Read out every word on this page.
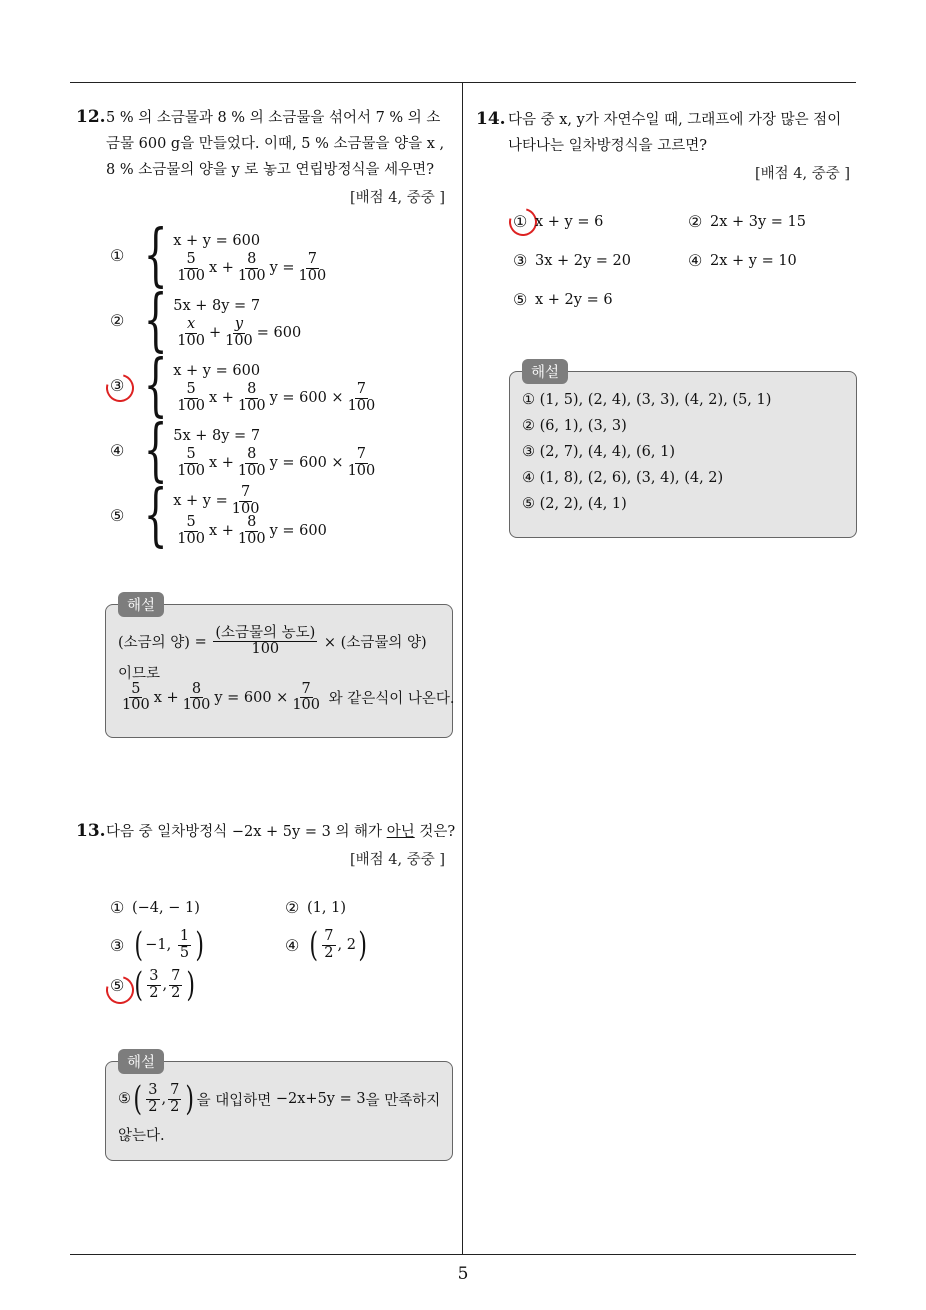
5
12. 5 % 의 소금물과 8 % 의 소금물을 섞어서 7 % 의 소
금물 600 g을 만들었다. 이때, 5 % 소금물을 양을 x ,
8 % 소금물의 양을 y 로 놓고 연립방정식을 세우면?
[배점 4, 중중 ]
① { x + y = 600
$\frac{5}{100}$ $x + \frac{8}{100}$ $y = \frac{7}{100}$
② { 5x + 8y = 7
$\frac{x}{100} + \frac{y}{100} = 600$
③ { x + y = 600
$\frac{5}{100}$ $x + \frac{8}{100}$ $y = 600 \times \frac{7}{100}$
④ { 5x + 8y = 7
$\frac{5}{100}$ $x + \frac{8}{100}$ $y = 600 \times \frac{7}{100}$
⑤ { $x + y = \frac{7}{100}$
$\frac{5}{100}$ $x + \frac{8}{100}$ y = 600
해설
(소금의 양)
=
$\frac{\text{(소금물의 농도)}}{100}$
× (소금물의 양)
이므로
$\frac{5}{100}$ $x + \frac{8}{100}$ $y = 600 \times \frac{7}{100}$
와 같은식이 나온다.
13. 다음 중 일차방정식 −2x + 5y = 3 의 해가 아닌 것은?
[배점 4, 중중 ]
① (−4, − 1)	② (1, 1)
③ ( −1,
$\frac{1}{5}$ )	④ ( $\frac{7}{2}$ , 2 )
⑤ ( $\frac{3}{2}$ , $\frac{7}{2}$ )
해설
⑤ ( $\frac{3}{2}$ , $\frac{7}{2}$ ) 을 대입하면
−2x+5y = 3 을 만족하지
않는다.
14. 다음 중 x, y가 자연수일 때, 그래프에 가장 많은 점이
나타나는 일차방정식을 고르면?
[배점 4, 중중 ]
① x + y = 6	② 2x + 3y = 15
③ 3x + 2y = 20	④ 2x + y = 10
⑤ x + 2y = 6
해설
① (1, 5), (2, 4), (3, 3), (4, 2), (5, 1)
② (6, 1), (3, 3)
③ (2, 7), (4, 4), (6, 1)
④ (1, 8), (2, 6), (3, 4), (4, 2)
⑤ (2, 2), (4, 1)
